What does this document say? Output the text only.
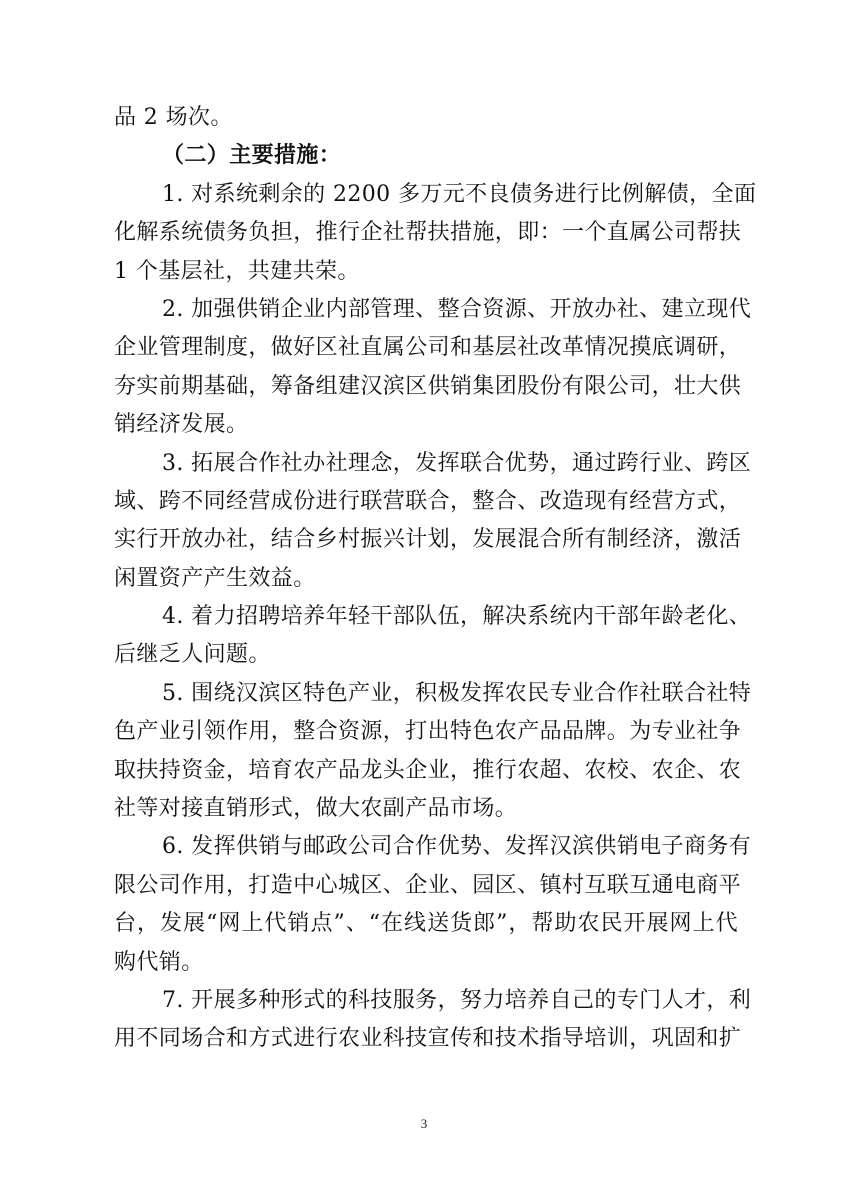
品 2 场次。
（二）主要措施：
1. 对系统剩余的 2200 多万元不良债务进行比例解债，全面
化解系统债务负担，推行企社帮扶措施，即：一个直属公司帮扶
1 个基层社，共建共荣。
2. 加强供销企业内部管理、整合资源、开放办社、建立现代
企业管理制度，做好区社直属公司和基层社改革情况摸底调研，
夯实前期基础，筹备组建汉滨区供销集团股份有限公司，壮大供
销经济发展。
3. 拓展合作社办社理念，发挥联合优势，通过跨行业、跨区
域、跨不同经营成份进行联营联合，整合、改造现有经营方式，
实行开放办社，结合乡村振兴计划，发展混合所有制经济，激活
闲置资产产生效益。
4. 着力招聘培养年轻干部队伍，解决系统内干部年龄老化、
后继乏人问题。
5. 围绕汉滨区特色产业，积极发挥农民专业合作社联合社特
色产业引领作用，整合资源，打出特色农产品品牌。为专业社争
取扶持资金，培育农产品龙头企业，推行农超、农校、农企、农
社等对接直销形式，做大农副产品市场。
6. 发挥供销与邮政公司合作优势、发挥汉滨供销电子商务有
限公司作用，打造中心城区、企业、园区、镇村互联互通电商平
台，发展“网上代销点”、“在线送货郎”，帮助农民开展网上代
购代销。
7. 开展多种形式的科技服务，努力培养自己的专门人才，利
用不同场合和方式进行农业科技宣传和技术指导培训，巩固和扩
3
